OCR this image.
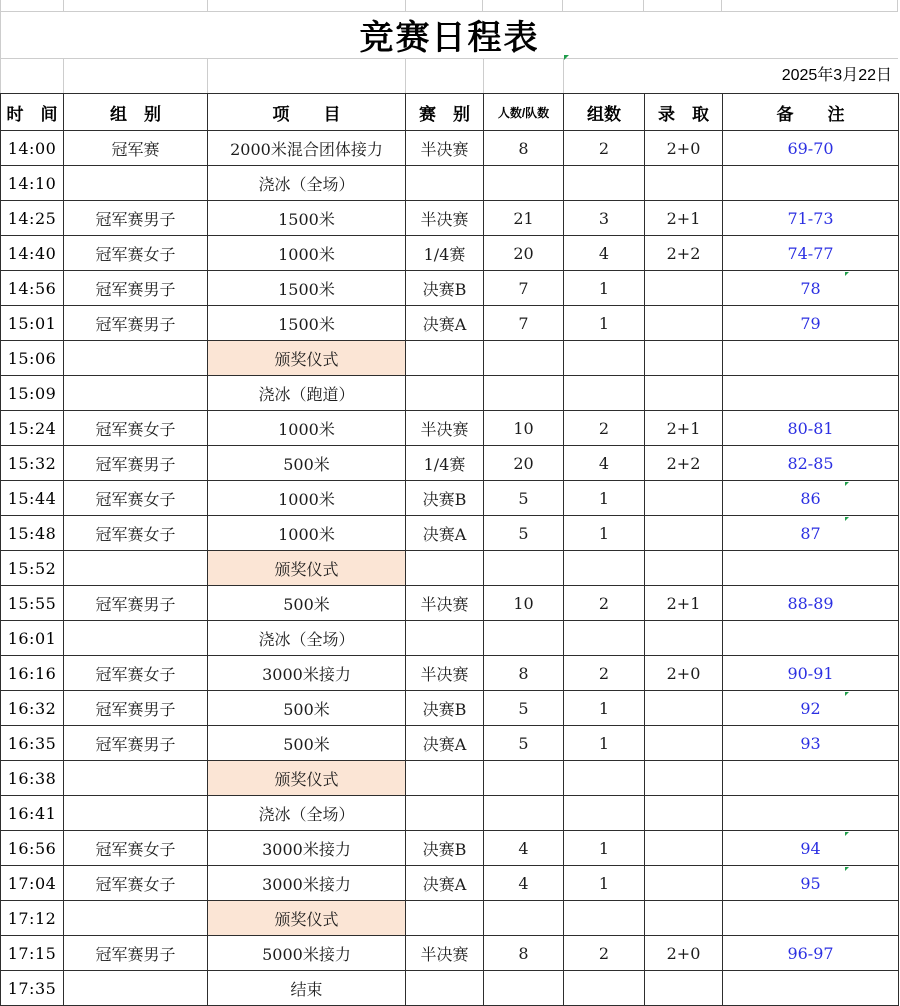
竞赛日程表
2025年3月22日
时　间	组　别	项　　目	赛　别	人数/队数	组数	录　取	备　　注
14:00	冠军赛	2000米混合团体接力	半决赛	8	2	2+0	69-70
14:10		浇冰（全场）					
14:25	冠军赛男子	1500米	半决赛	21	3	2+1	71-73
14:40	冠军赛女子	1000米	1/4赛	20	4	2+2	74-77
14:56	冠军赛男子	1500米	决赛B	7	1		78

15:01	冠军赛男子	1500米	决赛A	7	1		79
15:06		颁奖仪式					
15:09		浇冰（跑道）					
15:24	冠军赛女子	1000米	半决赛	10	2	2+1	80-81
15:32	冠军赛男子	500米	1/4赛	20	4	2+2	82-85
15:44	冠军赛女子	1000米	决赛B	5	1		86

15:48	冠军赛女子	1000米	决赛A	5	1		87

15:52		颁奖仪式					
15:55	冠军赛男子	500米	半决赛	10	2	2+1	88-89
16:01		浇冰（全场）					
16:16	冠军赛女子	3000米接力	半决赛	8	2	2+0	90-91
16:32	冠军赛男子	500米	决赛B	5	1		92

16:35	冠军赛男子	500米	决赛A	5	1		93
16:38		颁奖仪式					
16:41		浇冰（全场）					
16:56	冠军赛女子	3000米接力	决赛B	4	1		94

17:04	冠军赛女子	3000米接力	决赛A	4	1		95

17:12		颁奖仪式					
17:15	冠军赛男子	5000米接力	半决赛	8	2	2+0	96-97
17:35		结束					
